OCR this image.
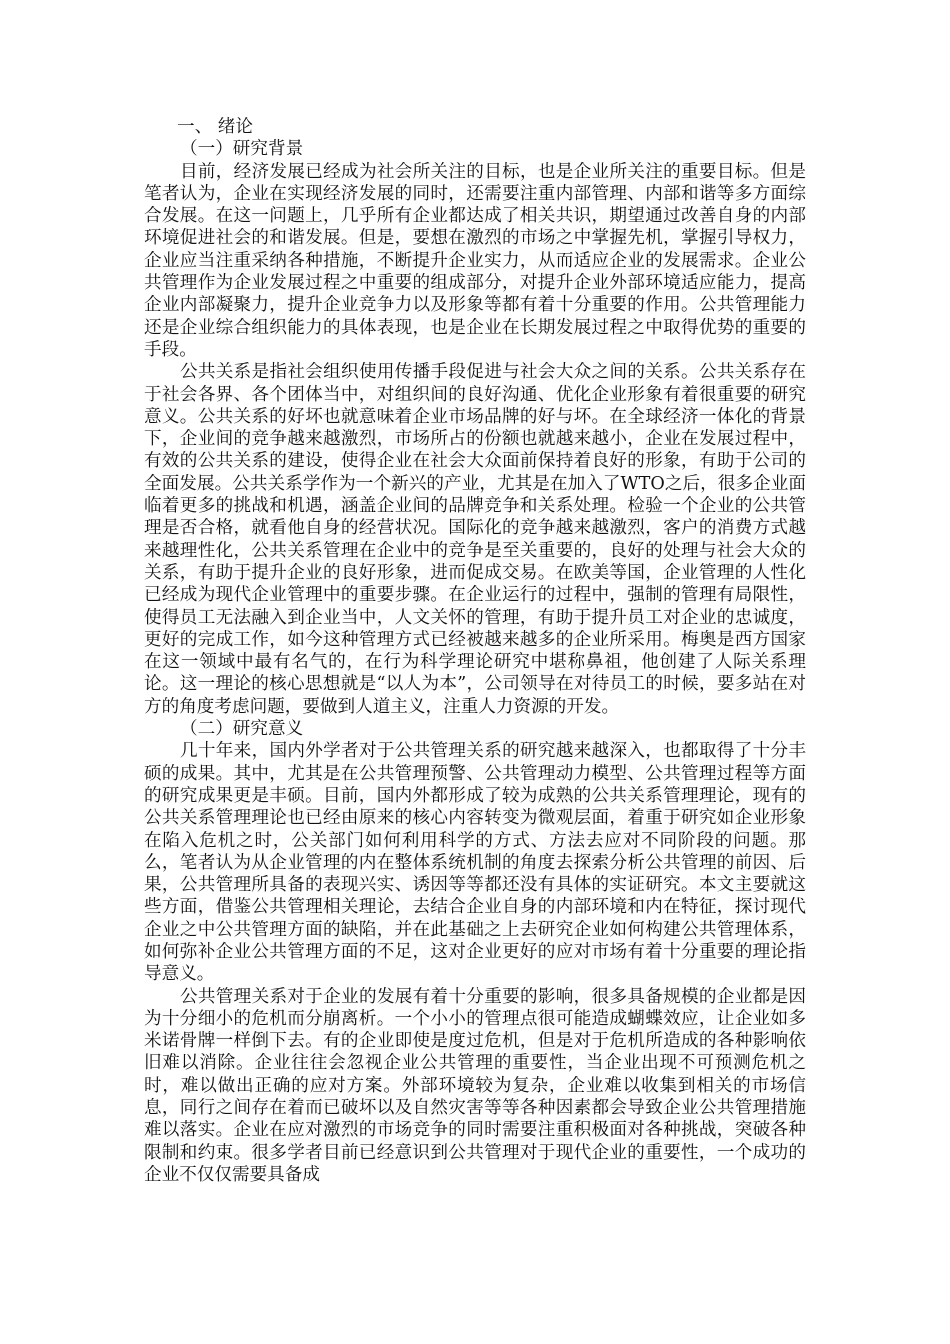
一、 绪论
（一）研究背景

目前，经济发展已经成为社会所关注的目标，也是企业所关注的重要目标。但是笔者认为，企业在实现经济发展的同时，还需要注重内部管理、内部和谐等多方面综合发展。在这一问题上，几乎所有企业都达成了相关共识，期望通过改善自身的内部环境促进社会的和谐发展。但是，要想在激烈的市场之中掌握先机，掌握引导权力，企业应当注重采纳各种措施，不断提升企业实力，从而适应企业的发展需求。企业公共管理作为企业发展过程之中重要的组成部分，对提升企业外部环境适应能力，提高企业内部凝聚力，提升企业竞争力以及形象等都有着十分重要的作用。公共管理能力还是企业综合组织能力的具体表现，也是企业在长期发展过程之中取得优势的重要的手段。

公共关系是指社会组织使用传播手段促进与社会大众之间的关系。公共关系存在于社会各界、各个团体当中，对组织间的良好沟通、优化企业形象有着很重要的研究意义。公共关系的好坏也就意味着企业市场品牌的好与坏。在全球经济一体化的背景下，企业间的竞争越来越激烈，市场所占的份额也就越来越小，企业在发展过程中，有效的公共关系的建设，使得企业在社会大众面前保持着良好的形象，有助于公司的全面发展。公共关系学作为一个新兴的产业，尤其是在加入了WTO之后，很多企业面临着更多的挑战和机遇，涵盖企业间的品牌竞争和关系处理。检验一个企业的公共管理是否合格，就看他自身的经营状况。国际化的竞争越来越激烈，客户的消费方式越来越理性化，公共关系管理在企业中的竞争是至关重要的，良好的处理与社会大众的关系，有助于提升企业的良好形象，进而促成交易。在欧美等国，企业管理的人性化已经成为现代企业管理中的重要步骤。在企业运行的过程中，强制的管理有局限性，使得员工无法融入到企业当中，人文关怀的管理，有助于提升员工对企业的忠诚度，更好的完成工作，如今这种管理方式已经被越来越多的企业所采用。梅奥是西方国家在这一领域中最有名气的，在行为科学理论研究中堪称鼻祖，他创建了人际关系理论。这一理论的核心思想就是“以人为本”，公司领导在对待员工的时候，要多站在对方的角度考虑问题，要做到人道主义，注重人力资源的开发。

（二）研究意义

几十年来，国内外学者对于公共管理关系的研究越来越深入，也都取得了十分丰硕的成果。其中，尤其是在公共管理预警、公共管理动力模型、公共管理过程等方面的研究成果更是丰硕。目前，国内外都形成了较为成熟的公共关系管理理论，现有的公共关系管理理论也已经由原来的核心内容转变为微观层面，着重于研究如企业形象在陷入危机之时，公关部门如何利用科学的方式、方法去应对不同阶段的问题。那么，笔者认为从企业管理的内在整体系统机制的角度去探索分析公共管理的前因、后果，公共管理所具备的表现兴实、诱因等等都还没有具体的实证研究。本文主要就这些方面，借鉴公共管理相关理论，去结合企业自身的内部环境和内在特征，探讨现代企业之中公共管理方面的缺陷，并在此基础之上去研究企业如何构建公共管理体系，如何弥补企业公共管理方面的不足，这对企业更好的应对市场有着十分重要的理论指导意义。

公共管理关系对于企业的发展有着十分重要的影响，很多具备规模的企业都是因为十分细小的危机而分崩离析。一个小小的管理点很可能造成蝴蝶效应，让企业如多米诺骨牌一样倒下去。有的企业即使是度过危机，但是对于危机所造成的各种影响依旧难以消除。企业往往会忽视企业公共管理的重要性，当企业出现不可预测危机之时，难以做出正确的应对方案。外部环境较为复杂，企业难以收集到相关的市场信息，同行之间存在着而已破坏以及自然灾害等等各种因素都会导致企业公共管理措施难以落实。企业在应对激烈的市场竞争的同时需要注重积极面对各种挑战，突破各种限制和约束。很多学者目前已经意识到公共管理对于现代企业的重要性，一个成功的企业不仅仅需要具备成
